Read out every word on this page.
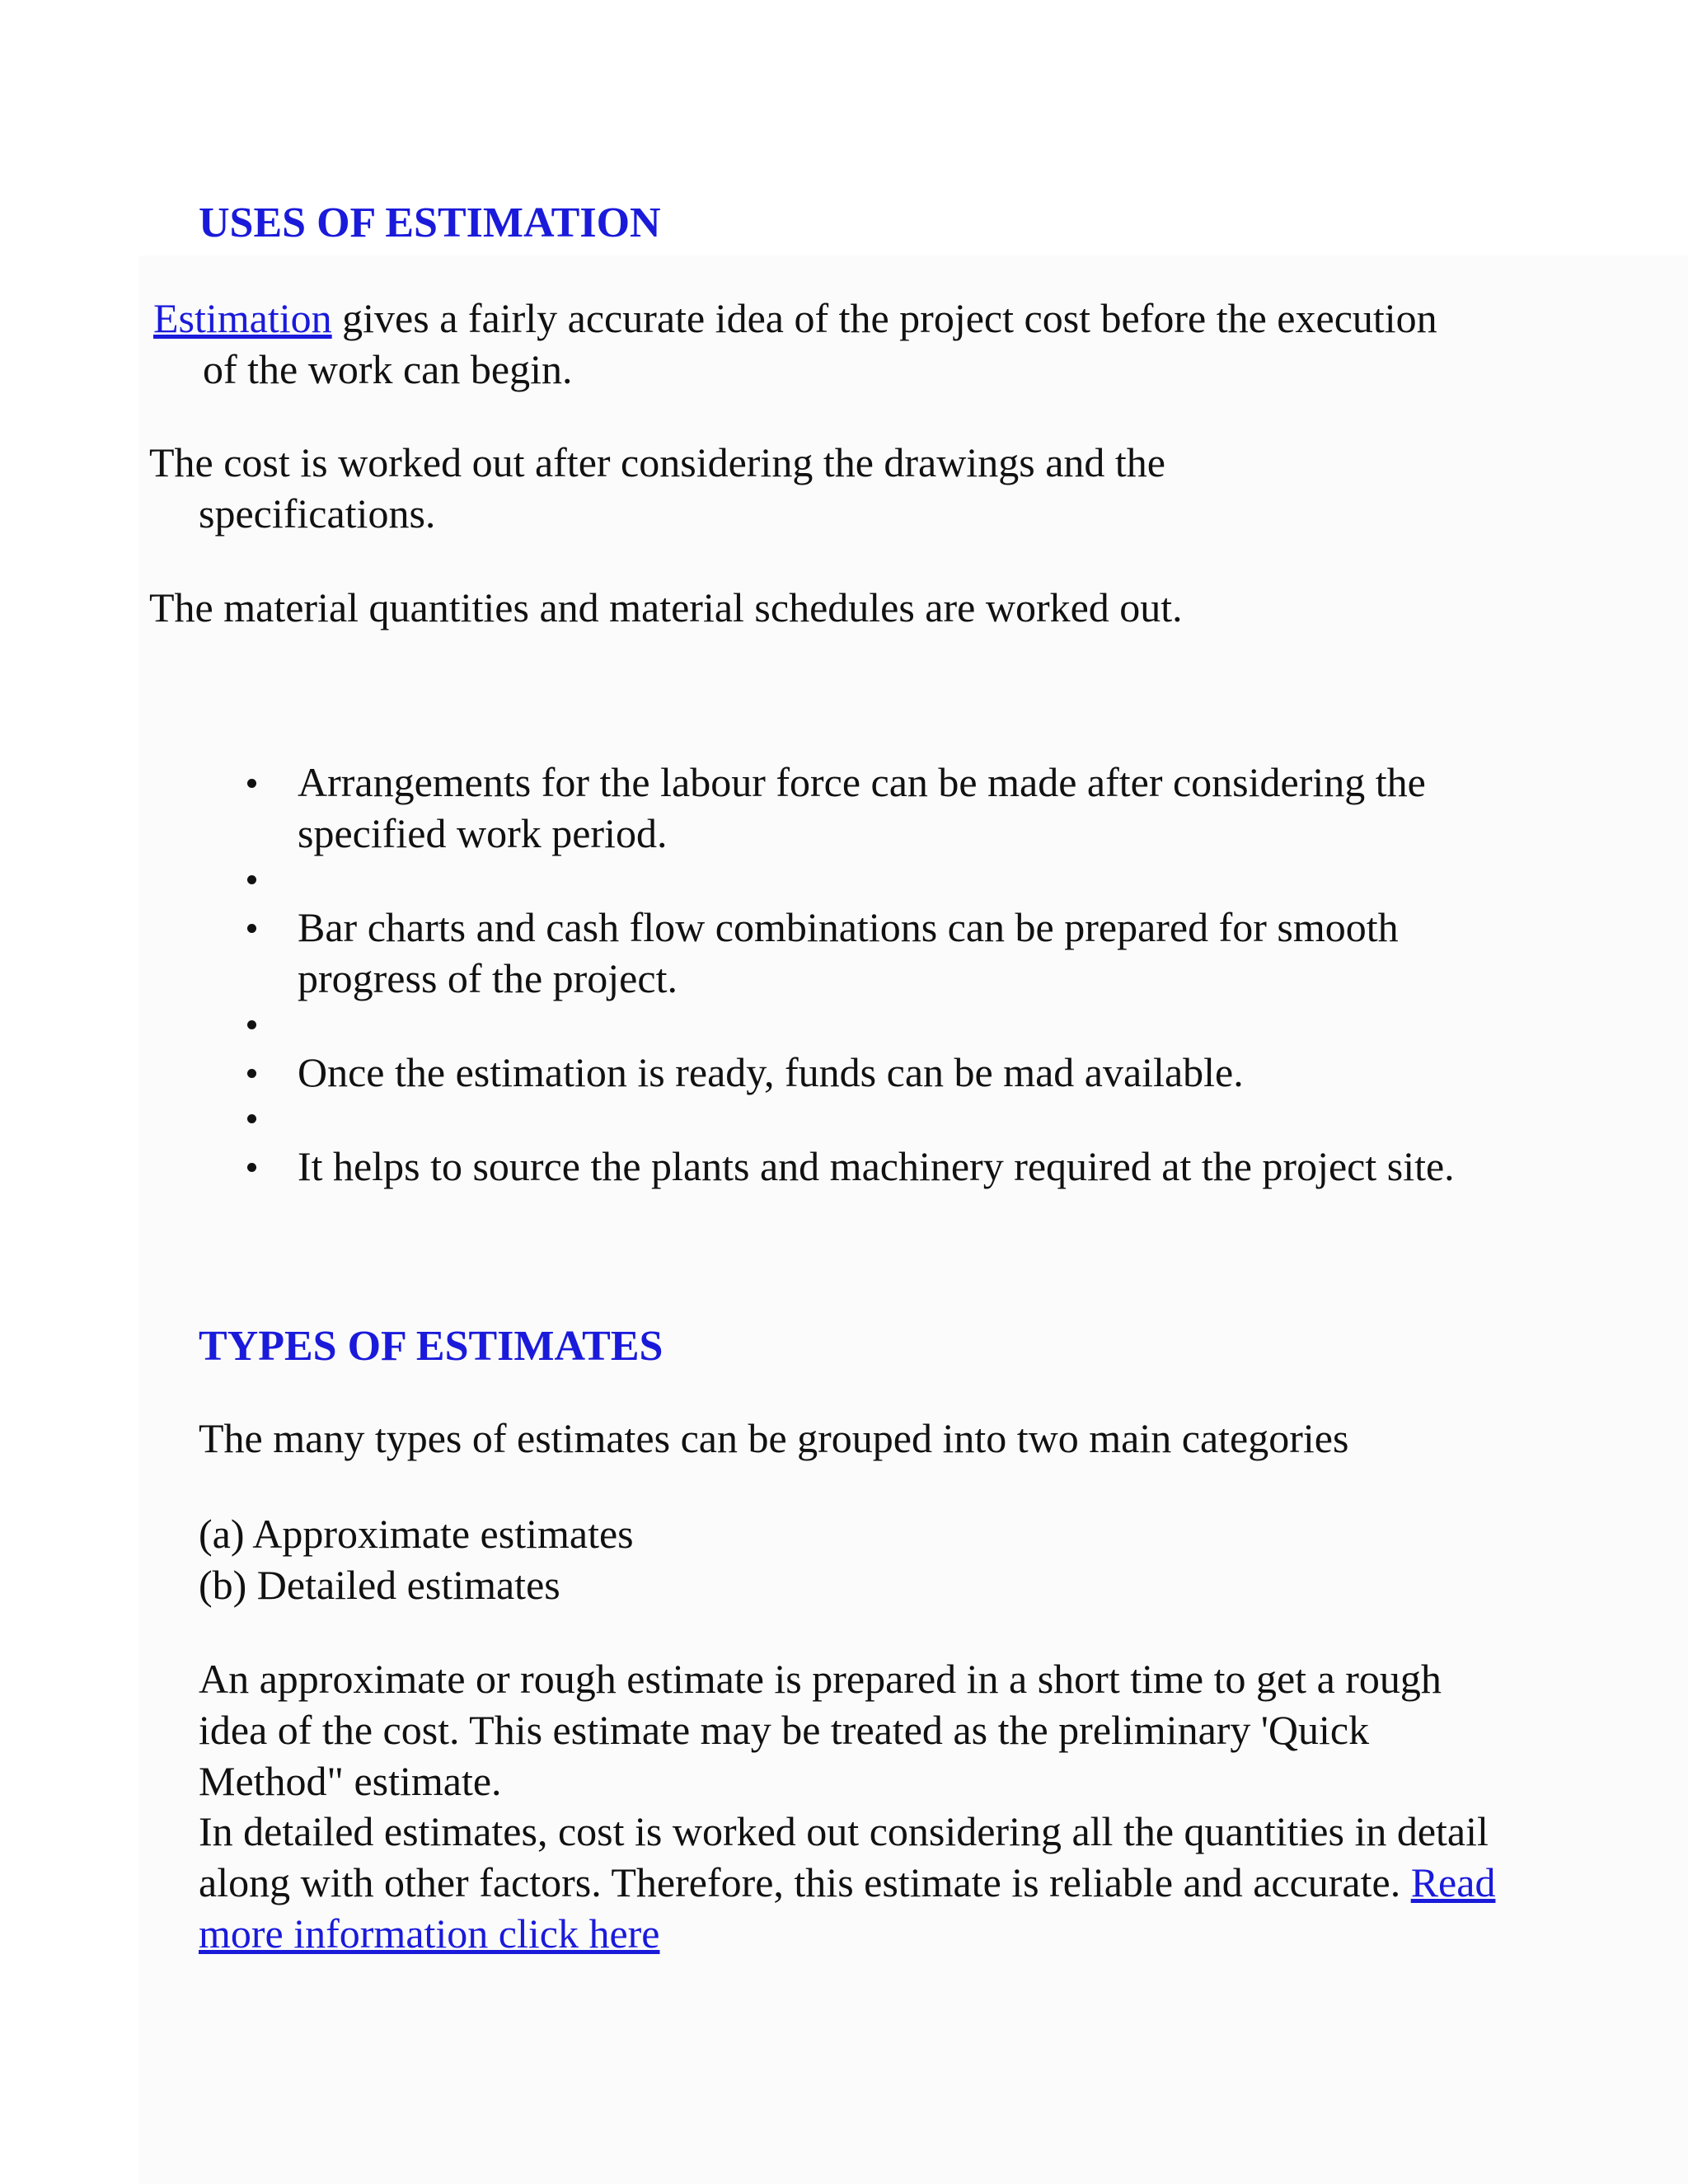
USES OF ESTIMATION

Estimation gives a fairly accurate idea of the project cost before the execution of the work can begin.

The cost is worked out after considering the drawings and the specifications.

The material quantities and material schedules are worked out.

Arrangements for the labour force can be made after considering the specified work period.
Bar charts and cash flow combinations can be prepared for smooth progress of the project.
Once the estimation is ready, funds can be mad available.
It helps to source the plants and machinery required at the project site.
TYPES OF ESTIMATES

The many types of estimates can be grouped into two main categories

(a) Approximate estimates

(b) Detailed estimates

An approximate or rough estimate is prepared in a short time to get a rough idea of the cost. This estimate may be treated as the preliminary 'Quick Method" estimate.

In detailed estimates, cost is worked out considering all the quantities in detail along with other factors. Therefore, this estimate is reliable and accurate. Read more information click here
